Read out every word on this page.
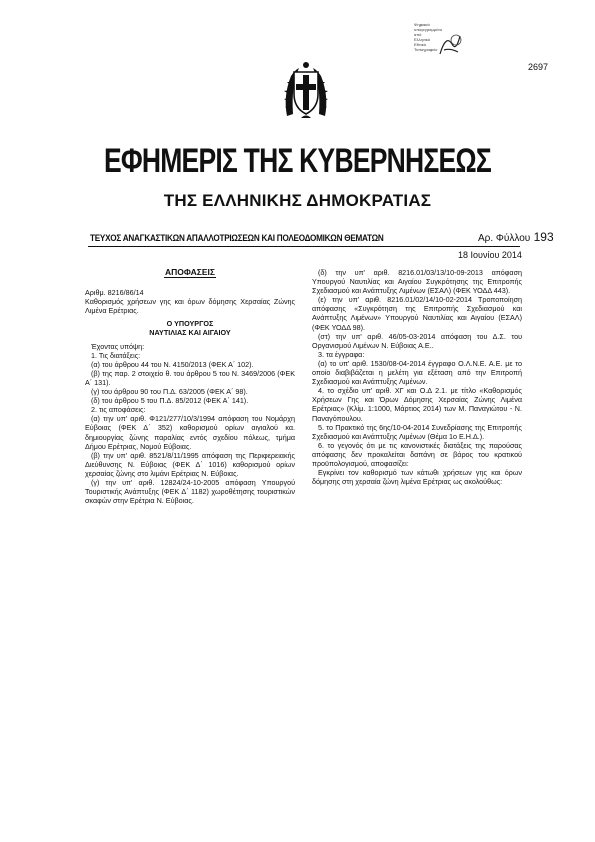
Ψηφιακά
υπογεγραμμένο
από
Ελληνικό
Εθνικό
Τυπογραφείο
2697
ΕΦΗΜΕΡΙΣ ΤΗΣ ΚΥΒΕΡΝΗΣΕΩΣ
ΤΗΣ ΕΛΛΗΝΙΚΗΣ ΔΗΜΟΚΡΑΤΙΑΣ
ΤΕΥΧΟΣ ΑΝΑΓΚΑΣΤΙΚΩΝ ΑΠΑΛΛΟΤΡΙΩΣΕΩΝ ΚΑΙ ΠΟΛΕΟΔΟΜΙΚΩΝ ΘΕΜΑΤΩΝ	Αρ. Φύλλου 193
18 Ιουνίου 2014
ΑΠΟΦΑΣΕΙΣ

Αριθμ. 8216/86/14

Καθορισμός χρήσεων γης και όρων δόμησης Χερσαίας Ζώνης Λιμένα Ερέτριας.

Ο ΥΠΟΥΡΓΟΣ

ΝΑΥΤΙΛΙΑΣ ΚΑΙ ΑΙΓΑΙΟΥ

Έχοντας υπόψη:

1. Τις διατάξεις:

(α) του άρθρου 44 του Ν. 4150/2013 (ΦΕΚ Α΄ 102).

(β) της παρ. 2 στοιχείο θ. του άρθρου 5 του Ν. 3469/2006 (ΦΕΚ Α΄ 131).

(γ) του άρθρου 90 του Π.Δ. 63/2005 (ΦΕΚ Α΄ 98).

(δ) του άρθρου 5 του Π.Δ. 85/2012 (ΦΕΚ Α΄ 141).

2. τις αποφάσεις:

(α) την υπ' αριθ. Φ121/277/10/3/1994 απόφαση του Νομάρχη Εύβοιας (ΦΕΚ Δ΄ 352) καθορισμού ορίων αιγιαλού κα. δημιουργίας ζώνης παραλίας εντός σχεδίου πόλεως, τμήμα Δήμου Ερέτριας, Νομού Εύβοιας.

(β) την υπ' αριθ. 8521/8/11/1995 απόφαση της Περιφερειακής Διεύθυνσης Ν. Εύβοιας (ΦΕΚ Δ΄ 1016) καθορισμού ορίων χερσαίας ζώνης στο λιμάνι Ερέτριας Ν. Εύβοιας.

(γ) την υπ' αριθ. 12824/24-10-2005 απόφαση Υπουργού Τουριστικής Ανάπτυξης (ΦΕΚ Δ΄ 1182) χωροθέτησης τουριστικών σκαφών στην Ερέτρια Ν. Εύβοιας.

(δ) την υπ' αριθ. 8216.01/03/13/10-09-2013 απόφαση Υπουργού Ναυτιλίας και Αιγαίου Συγκρότησης της Επιτροπής Σχεδιασμού και Ανάπτυξης Λιμένων (ΕΣΑΛ) (ΦΕΚ ΥΟΔΔ 443).

(ε) την υπ' αριθ. 8216.01/02/14/10-02-2014 Τροποποίηση απόφασης «Συγκρότηση της Επιτροπής Σχεδιασμού και Ανάπτυξης Λιμένων» Υπουργού Ναυτιλίας και Αιγαίου (ΕΣΑΛ) (ΦΕΚ ΥΟΔΔ 98).

(στ) την υπ' αριθ. 46/05-03-2014 απόφαση του Δ.Σ. του Οργανισμού Λιμένων Ν. Εύβοιας Α.Ε..

3. τα έγγραφα:

(α) το υπ' αριθ. 1530/08-04-2014 έγγραφο Ο.Λ.Ν.Ε. Α.Ε. με το οποίο διαβιβάζεται η μελέτη για εξέταση από την Επιτροπή Σχεδιασμού και Ανάπτυξης Λιμένων.

4. το σχέδιο υπ' αριθ. ΧΓ και Ο.Δ 2.1. με τίτλο «Καθορισμός Χρήσεων Γης και Όρων Δόμησης Χερσαίας Ζώνης Λιμένα Ερέτριας» (Κλίμ. 1:1000, Μάρτιος 2014) των Μ. Παναγιώτου - Ν. Παναγόπουλου.

5. το Πρακτικό της 6ης/10-04-2014 Συνεδρίασης της Επιτροπής Σχεδιασμού και Ανάπτυξης Λιμένων (Θέμα 1ο Ε.Η.Δ.).

6. το γεγονός ότι με τις κανονιστικές διατάξεις της παρούσας απόφασης δεν προκαλείται δαπάνη σε βάρος του κρατικού προϋπολογισμού, αποφασίζει:

Εγκρίνει τον καθορισμό των κάτωθι χρήσεων γης και όρων δόμησης στη χερσαία ζώνη λιμένα Ερέτριας ως ακολούθως:
